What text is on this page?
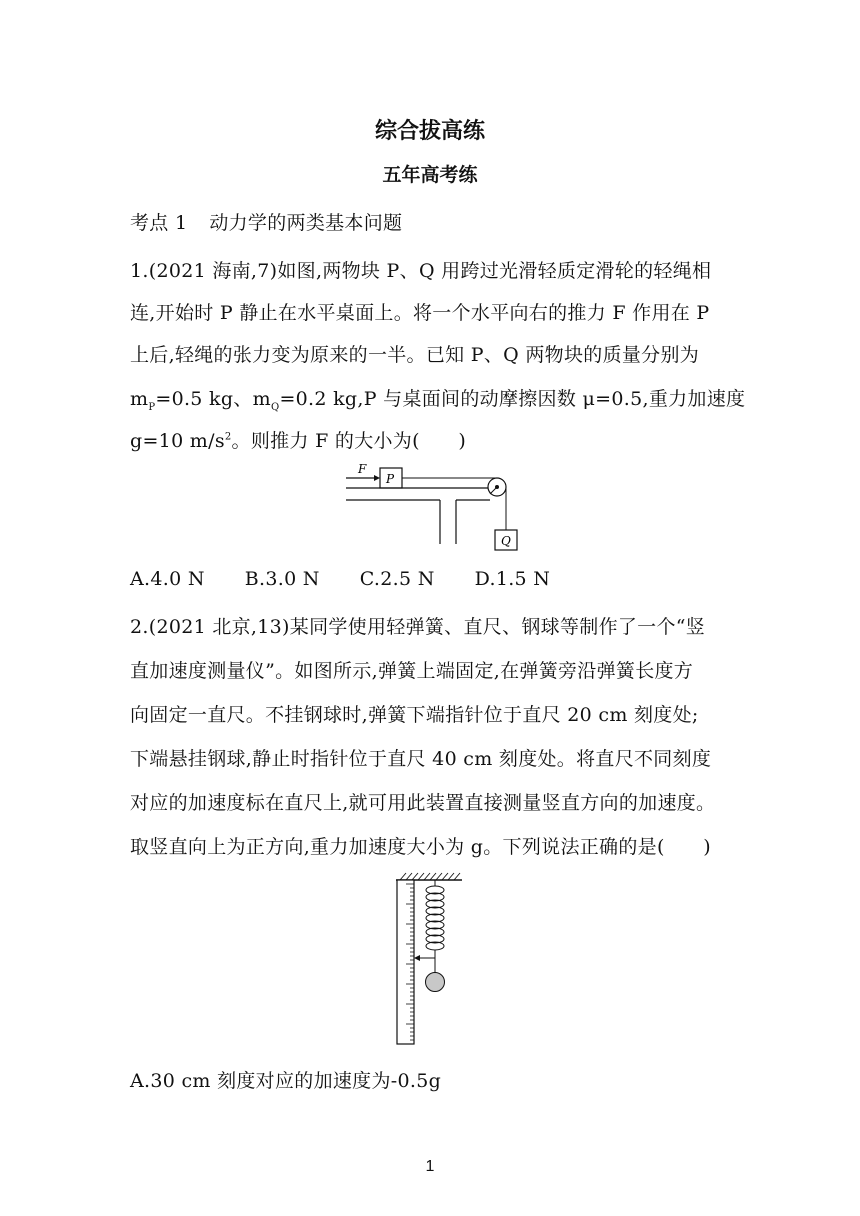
综合拔高练
五年高考练
考点 1 动力学的两类基本问题
1.(2021 海南,7)如图,两物块 P、Q 用跨过光滑轻质定滑轮的轻绳相
连,开始时 P 静止在水平桌面上。将一个水平向右的推力 F 作用在 P
上后,轻绳的张力变为原来的一半。已知 P、Q 两物块的质量分别为
$m_P=0.5$ kg、$m_Q=0.2$ kg,P 与桌面间的动摩擦因数 μ=0.5,重力加速度
g=10 $m/s^2$。则推力 F 的大小为(　　)
F
P
Q
A.4.0 N B.3.0 N C.2.5 N D.1.5 N
2.(2021 北京,13)某同学使用轻弹簧、直尺、钢球等制作了一个“竖
直加速度测量仪”。如图所示,弹簧上端固定,在弹簧旁沿弹簧长度方
向固定一直尺。不挂钢球时,弹簧下端指针位于直尺 20 cm 刻度处;
下端悬挂钢球,静止时指针位于直尺 40 cm 刻度处。将直尺不同刻度
对应的加速度标在直尺上,就可用此装置直接测量竖直方向的加速度。
取竖直向上为正方向,重力加速度大小为 g。下列说法正确的是(　　)
A.30 cm 刻度对应的加速度为-0.5g
1
